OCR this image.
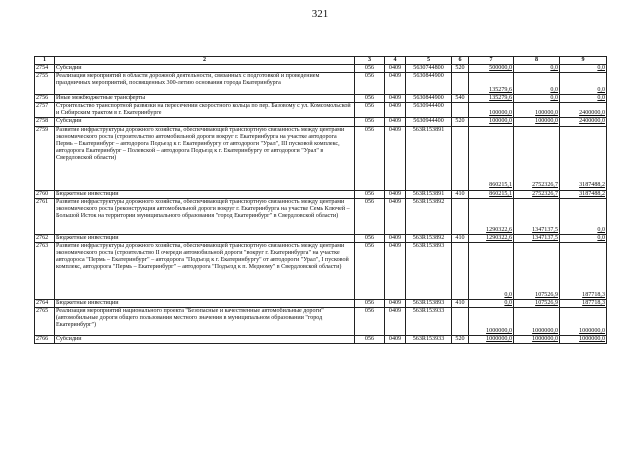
321
1	2	3	4	5	6	7	8	9
2754	Субсидии	056	0409	5630744800	520	500000,0	0,0	0,0

2755	Реализация мероприятий в области дорожной деятельности, связанных с подготовкой и проведением праздничных мероприятий, посвященных 300-летию основания города Екатеринбурга	056	0409	5630844900		135279,6	0,0	0,0

2756	Иные межбюджетные трансферты	056	0409	5630844900	540	135279,6	0,0	0,0

2757	Строительство транспортной развязки на пересечении скоростного кольца по пер. Базовому с ул. Комсомольской и Сибирским трактом в г. Екатеринбурге	056	0409	5630944400		100000,0	100000,0	2400000,0

2758	Субсидии	056	0409	5630944400	520	100000,0	100000,0	2400000,0

2759	Развитие инфраструктуры дорожного хозяйства, обеспечивающей транспортную связанность между центрами экономического роста (строительство автомобильной дороги вокруг г. Екатеринбурга на участке автодорога Пермь – Екатеринбург – автодорога Подъезд к г. Екатеринбургу от автодороги "Урал", III пусковой комплекс, автодорога Екатеринбург – Полевской – автодорога Подъезд к г. Екатеринбургу от автодороги "Урал" в Свердловской области)	056	0409	563R153891		860215,1	2752326,7	3187488,2

2760	Бюджетные инвестиции	056	0409	563R153891	410	860215,1	2752326,7	3187488,2

2761	Развитие инфраструктуры дорожного хозяйства, обеспечивающей транспортную связанность между центрами экономического роста (реконструкция автомобильной дороги вокруг г. Екатеринбурга на участке Семь Ключей – Большой Исток на территории муниципального образования "город Екатеринбург" в Свердловской области)	056	0409	563R153892		1290322,6	1347137,5	0,0

2762	Бюджетные инвестиции	056	0409	563R153892	410	1290322,6	1347137,5	0,0

2763	Развитие инфраструктуры дорожного хозяйства, обеспечивающей транспортную связанность между центрами экономического роста (строительство II очереди автомобильной дороги "вокруг г. Екатеринбурга" на участке автодороса "Пермь – Екатеринбург" – автодорога "Подъезд к г. Екатеринбургу" от автодороги "Урал", I пусковой комплекс, автодорога "Пермь – Екатеринбург" – автодорога "Подъезд к п. Медному" в Свердловской области)	056	0409	563R153893		0,0	107526,9	187718,3

2764	Бюджетные инвестиции	056	0409	563R153893	410	0,0	107526,9	187718,3

2765	Реализация мероприятий национального проекта "Безопасные и качественные автомобильные дороги" (автомобильные дороги общего пользования местного значения в муниципальном образовании "город Екатеринбург")	056	0409	563R153933		1000000,0	1000000,0	1000000,0

2766	Субсидии	056	0409	563R153933	520	1000000,0	1000000,0	1000000,0
